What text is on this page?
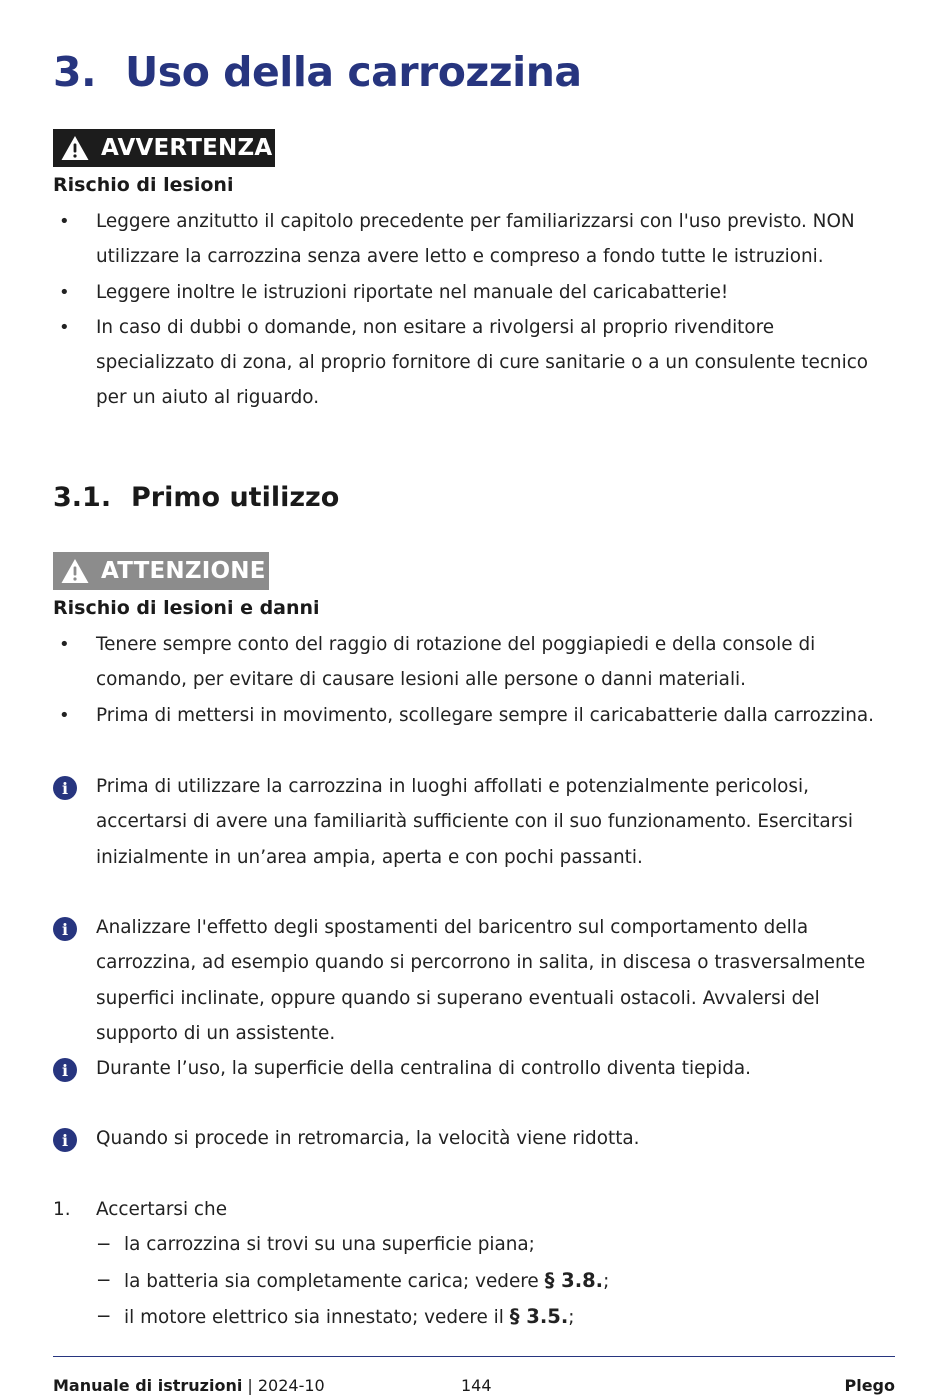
3. Uso della carrozzina
AVVERTENZA
Rischio di lesioni
• Leggere anzitutto il capitolo precedente per familiarizzarsi con l'uso previsto. NON utilizzare la carrozzina senza avere letto e compreso a fondo tutte le istruzioni.
• Leggere inoltre le istruzioni riportate nel manuale del caricabatterie!
• In caso di dubbi o domande, non esitare a rivolgersi al proprio rivenditore specializzato di zona, al proprio fornitore di cure sanitarie o a un consulente tecnico per un aiuto al riguardo.
3.1. Primo utilizzo
ATTENZIONE
Rischio di lesioni e danni
• Tenere sempre conto del raggio di rotazione del poggiapiedi e della console di comando, per evitare di causare lesioni alle persone o danni materiali.
• Prima di mettersi in movimento, scollegare sempre il caricabatterie dalla carrozzina.
i	Prima di utilizzare la carrozzina in luoghi affollati e potenzialmente pericolosi, accertarsi di avere una familiarità sufficiente con il suo funzionamento. Esercitarsi inizialmente in un’area ampia, aperta e con pochi passanti.
i	Analizzare l'effetto degli spostamenti del baricentro sul comportamento della carrozzina, ad esempio quando si percorrono in salita, in discesa o trasversalmente superfici inclinate, oppure quando si superano eventuali ostacoli. Avvalersi del supporto di un assistente.
i	Durante l’uso, la superficie della centralina di controllo diventa tiepida.
i	Quando si procede in retromarcia, la velocità viene ridotta.
1. Accertarsi che
− la carrozzina si trovi su una superficie piana;
− la batteria sia completamente carica; vedere § 3.8.;
− il motore elettrico sia innestato; vedere il § 3.5.;
Manuale di istruzioni | 2024-10	144	Plego
